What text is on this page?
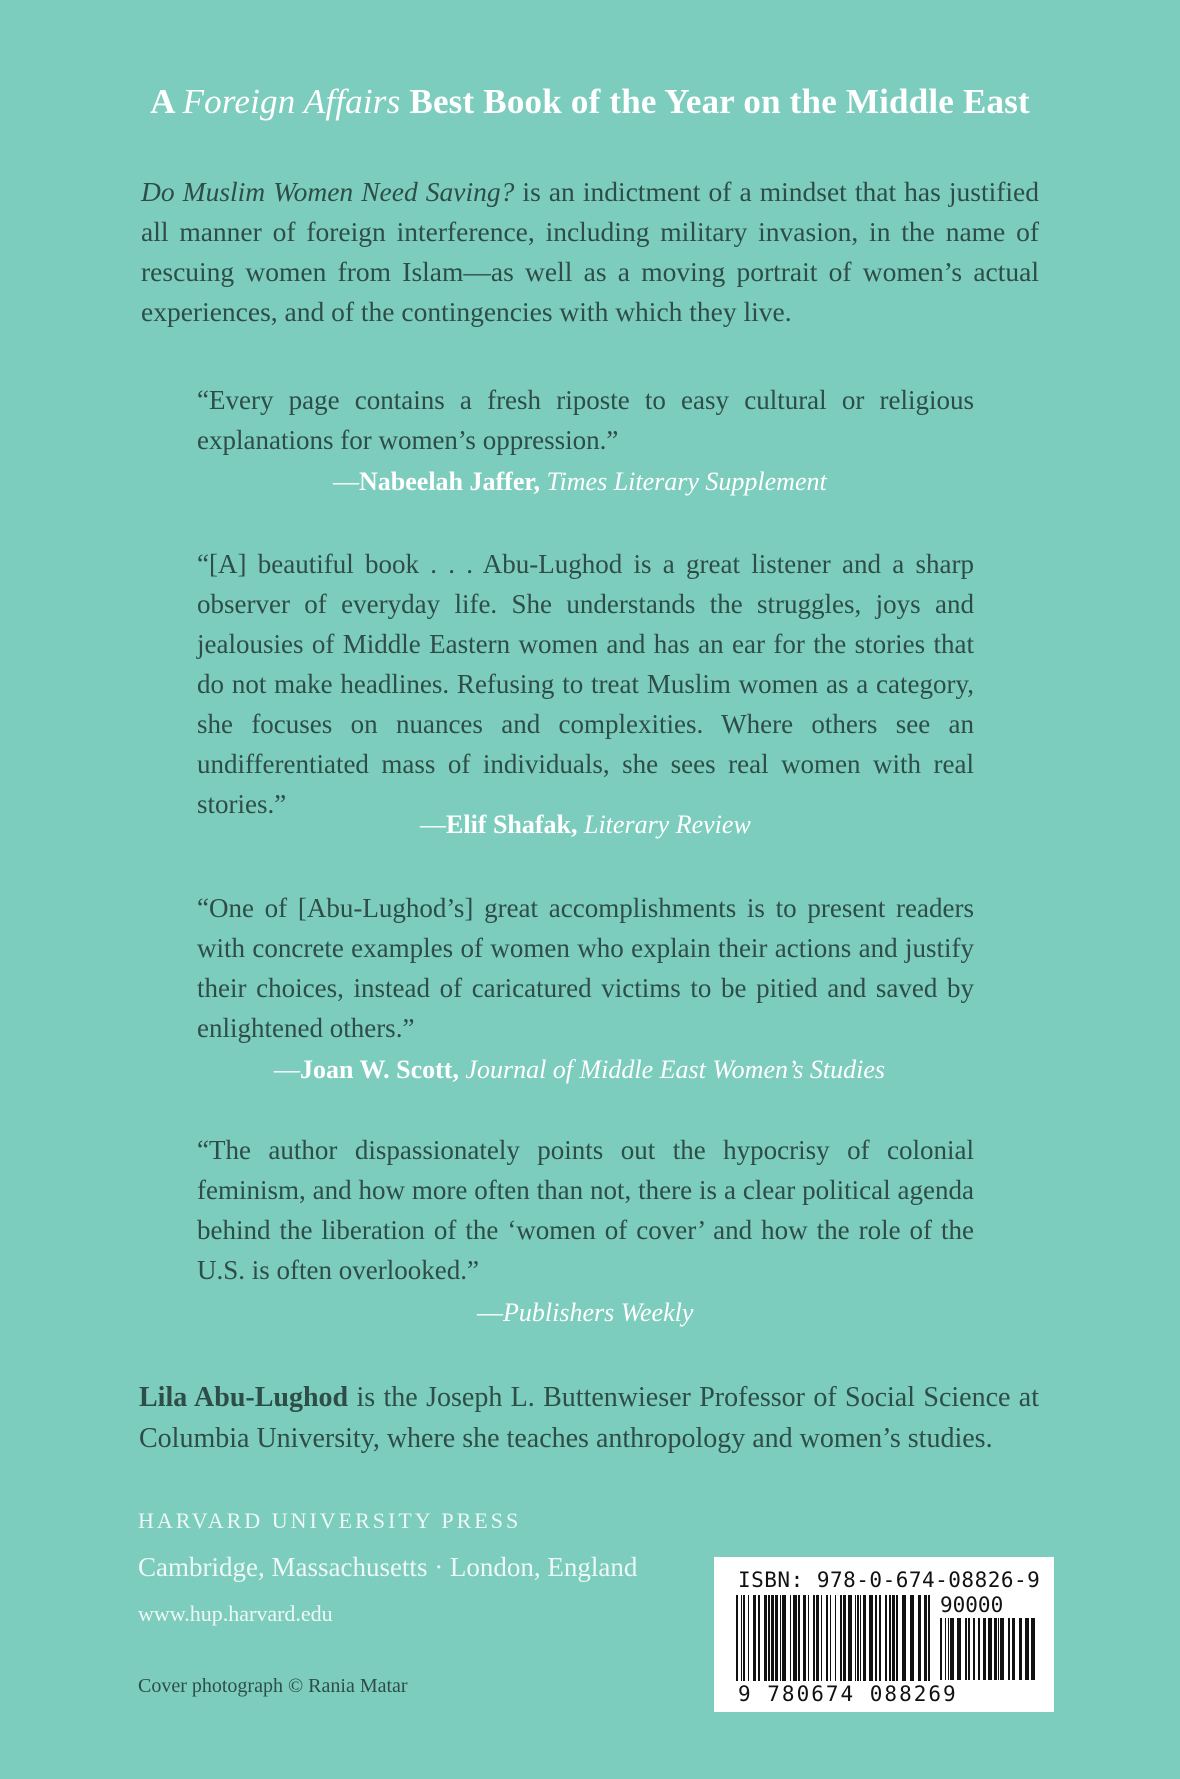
A Foreign Affairs Best Book of the Year on the Middle East
Do Muslim Women Need Saving? is an indictment of a mindset that has justified all manner of foreign interference, including military invasion, in the name of rescuing women from Islam—as well as a moving portrait of women’s actual experiences, and of the contingencies with which they live.

“Every page contains a fresh riposte to easy cultural or religious explanations for women’s oppression.”

—Nabeelah Jaffer, Times Literary Supplement

“[A] beautiful book . . . Abu-Lughod is a great listener and a sharp observer of everyday life. She understands the struggles, joys and jealousies of Middle Eastern women and has an ear for the stories that do not make headlines. Refusing to treat Muslim women as a category, she focuses on nuances and complexities. Where others see an undifferentiated mass of individuals, she sees real women with real stories.”

—Elif Shafak, Literary Review

“One of [Abu-Lughod’s] great accomplishments is to present readers with concrete examples of women who explain their actions and justify their choices, instead of caricatured victims to be pitied and saved by enlightened others.”

—Joan W. Scott, Journal of Middle East Women’s Studies

“The author dispassionately points out the hypocrisy of colonial feminism, and how more often than not, there is a clear political agenda behind the liberation of the ‘women of cover’ and how the role of the U.S. is often overlooked.”

—Publishers Weekly
Lila Abu-Lughod is the Joseph L. Buttenwieser Professor of Social Science at Columbia University, where she teaches anthropology and women’s studies.
HARVARD UNIVERSITY PRESS
Cambridge, Massachusetts · London, England
www.hup.harvard.edu
Cover photograph © Rania Matar
ISBN: 978-0-674-08826-9
90000
9 780674 088269
